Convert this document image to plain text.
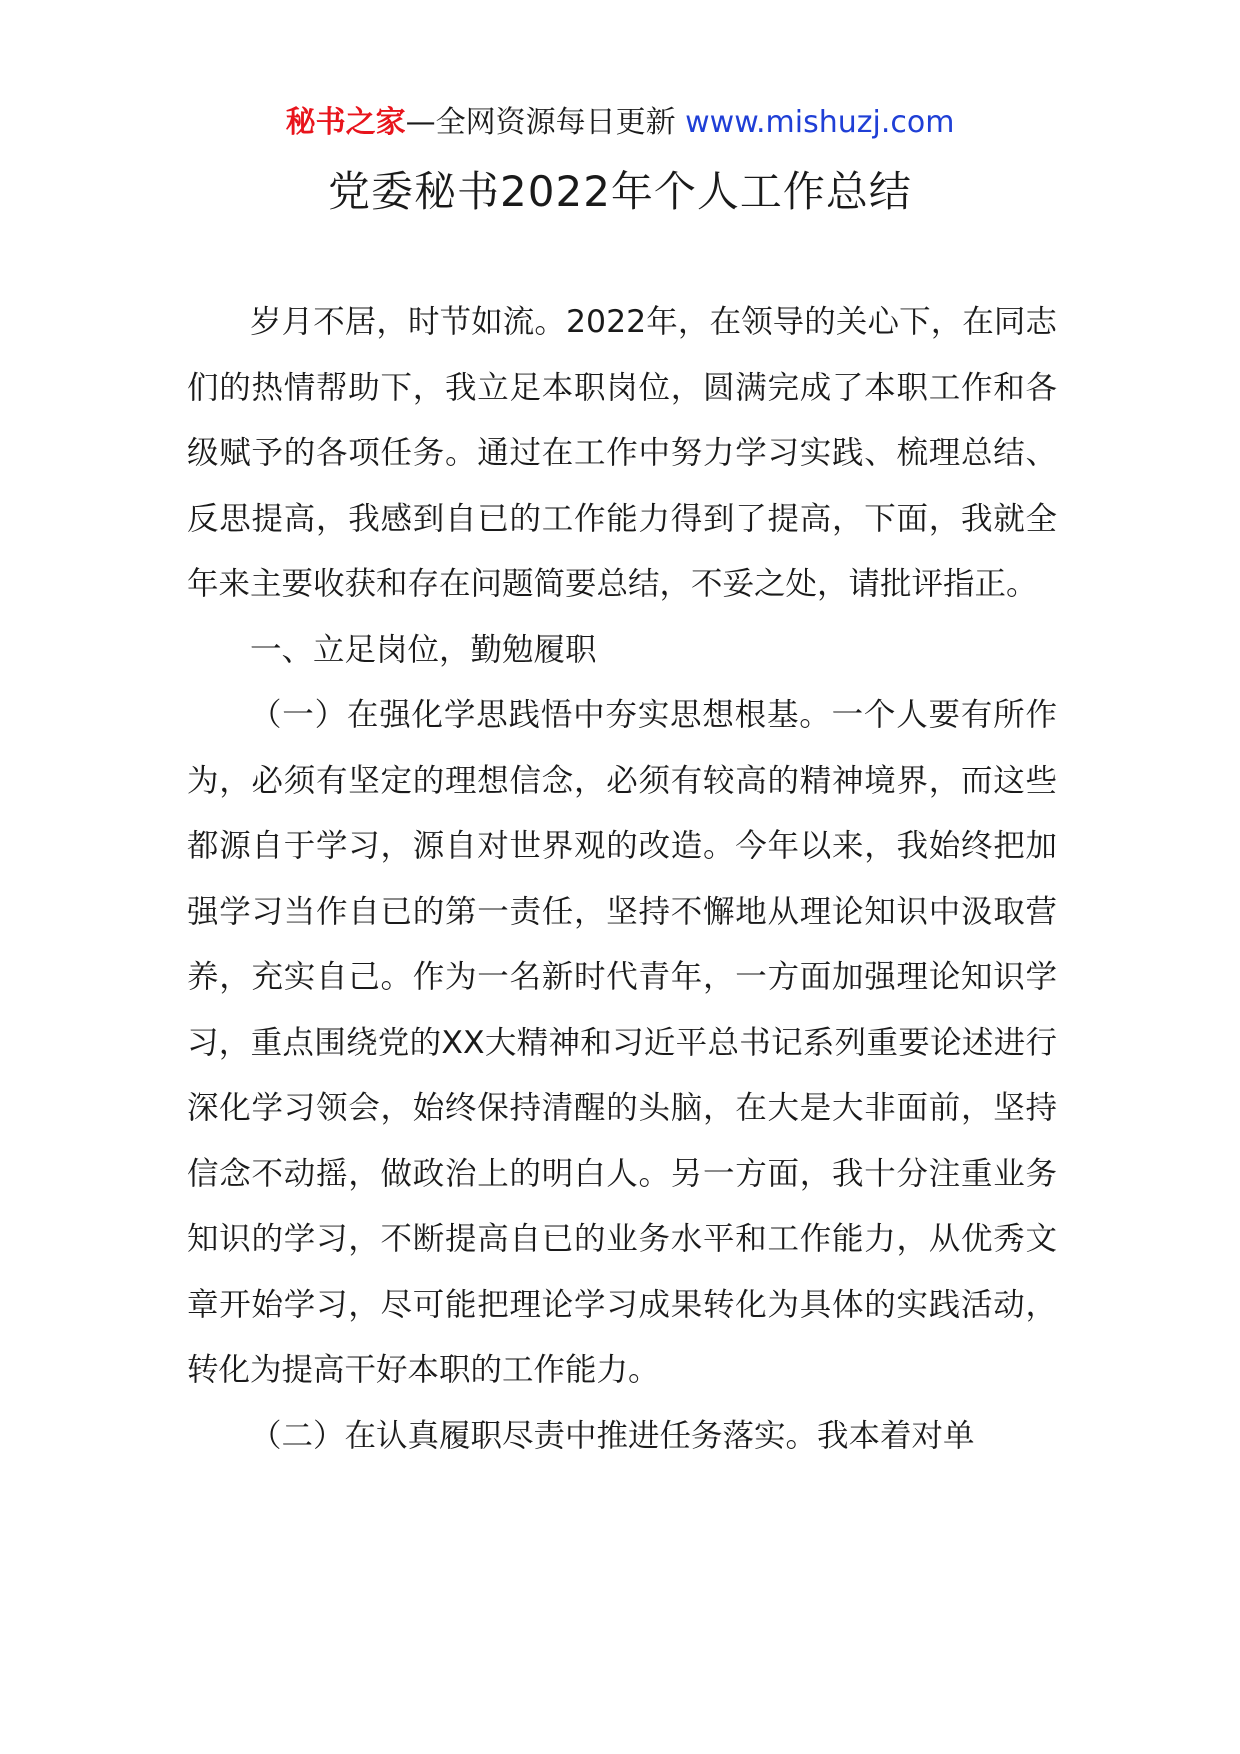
秘书之家—全网资源每日更新 www.mishuzj.com
党委秘书2022年个人工作总结

岁月不居，时节如流。2022年，在领导的关心下，在同志们的热情帮助下，我立足本职岗位，圆满完成了本职工作和各级赋予的各项任务。通过在工作中努力学习实践、梳理总结、反思提高，我感到自已的工作能力得到了提高，下面，我就全年来主要收获和存在问题简要总结，不妥之处，请批评指正。

一、立足岗位，勤勉履职

（一）在强化学思践悟中夯实思想根基。一个人要有所作为，必须有坚定的理想信念，必须有较高的精神境界，而这些都源自于学习，源自对世界观的改造。今年以来，我始终把加强学习当作自已的第一责任，坚持不懈地从理论知识中汲取营养，充实自己。作为一名新时代青年，一方面加强理论知识学习，重点围绕党的XX大精神和习近平总书记系列重要论述进行深化学习领会，始终保持清醒的头脑，在大是大非面前，坚持信念不动摇，做政治上的明白人。另一方面，我十分注重业务知识的学习，不断提高自已的业务水平和工作能力，从优秀文章开始学习，尽可能把理论学习成果转化为具体的实践活动，转化为提高干好本职的工作能力。

（二）在认真履职尽责中推进任务落实。我本着对单
